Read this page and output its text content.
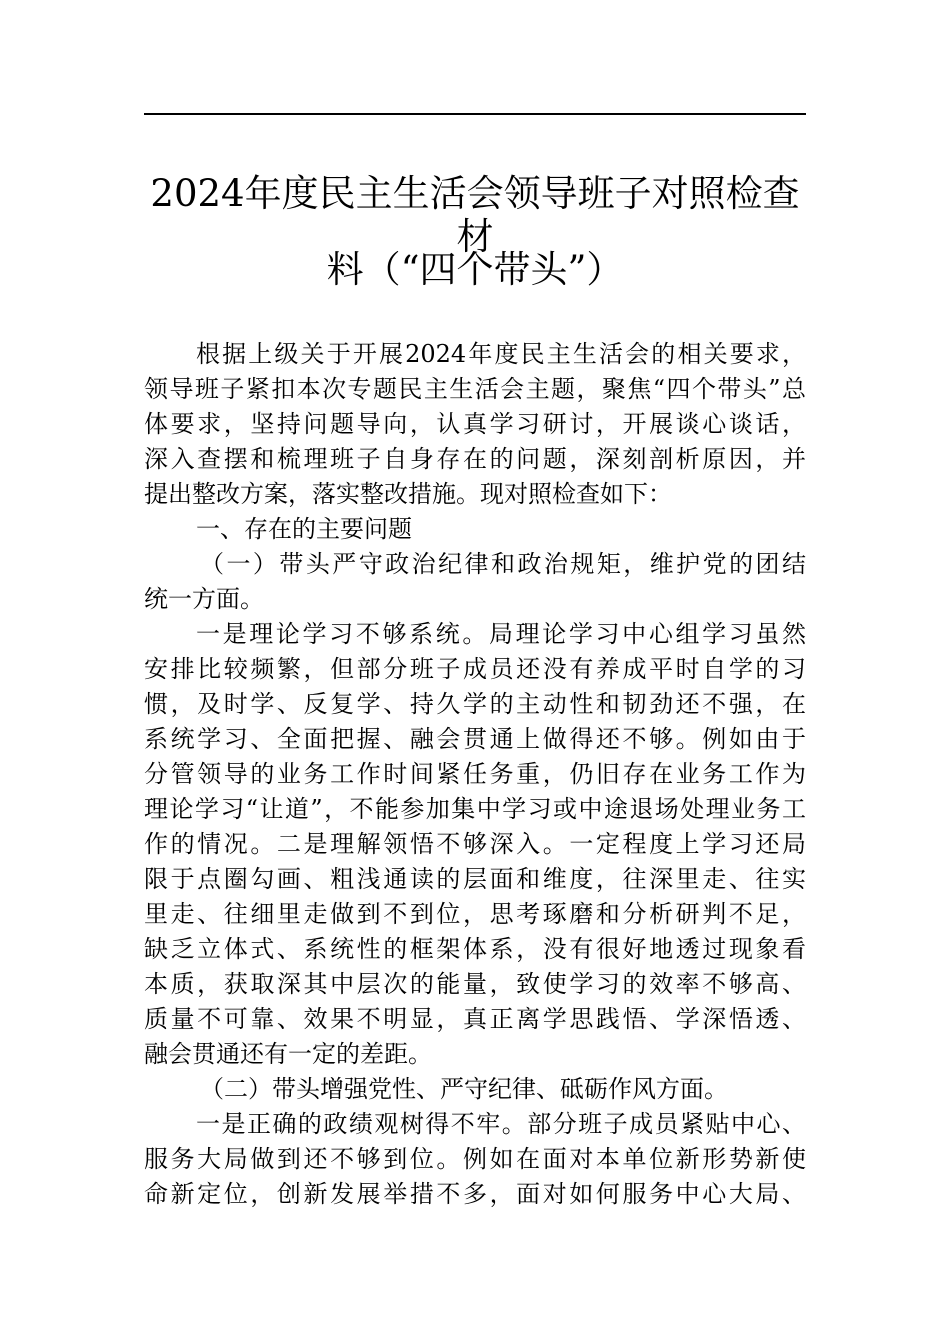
2024年度民主生活会领导班子对照检查材
料（“四个带头”）
根据上级关于开展2024年度民主生活会的相关要求，
领导班子紧扣本次专题民主生活会主题，聚焦“四个带头”总
体要求，坚持问题导向，认真学习研讨，开展谈心谈话，
深入查摆和梳理班子自身存在的问题，深刻剖析原因，并
提出整改方案，落实整改措施。现对照检查如下：
一、存在的主要问题
（一）带头严守政治纪律和政治规矩，维护党的团结
统一方面。
一是理论学习不够系统。局理论学习中心组学习虽然
安排比较频繁，但部分班子成员还没有养成平时自学的习
惯，及时学、反复学、持久学的主动性和韧劲还不强，在
系统学习、全面把握、融会贯通上做得还不够。例如由于
分管领导的业务工作时间紧任务重，仍旧存在业务工作为
理论学习“让道”，不能参加集中学习或中途退场处理业务工
作的情况。二是理解领悟不够深入。一定程度上学习还局
限于点圈勾画、粗浅通读的层面和维度，往深里走、往实
里走、往细里走做到不到位，思考琢磨和分析研判不足，
缺乏立体式、系统性的框架体系，没有很好地透过现象看
本质，获取深其中层次的能量，致使学习的效率不够高、
质量不可靠、效果不明显，真正离学思践悟、学深悟透、
融会贯通还有一定的差距。
（二）带头增强党性、严守纪律、砥砺作风方面。
一是正确的政绩观树得不牢。部分班子成员紧贴中心、
服务大局做到还不够到位。例如在面对本单位新形势新使
命新定位，创新发展举措不多，面对如何服务中心大局、
